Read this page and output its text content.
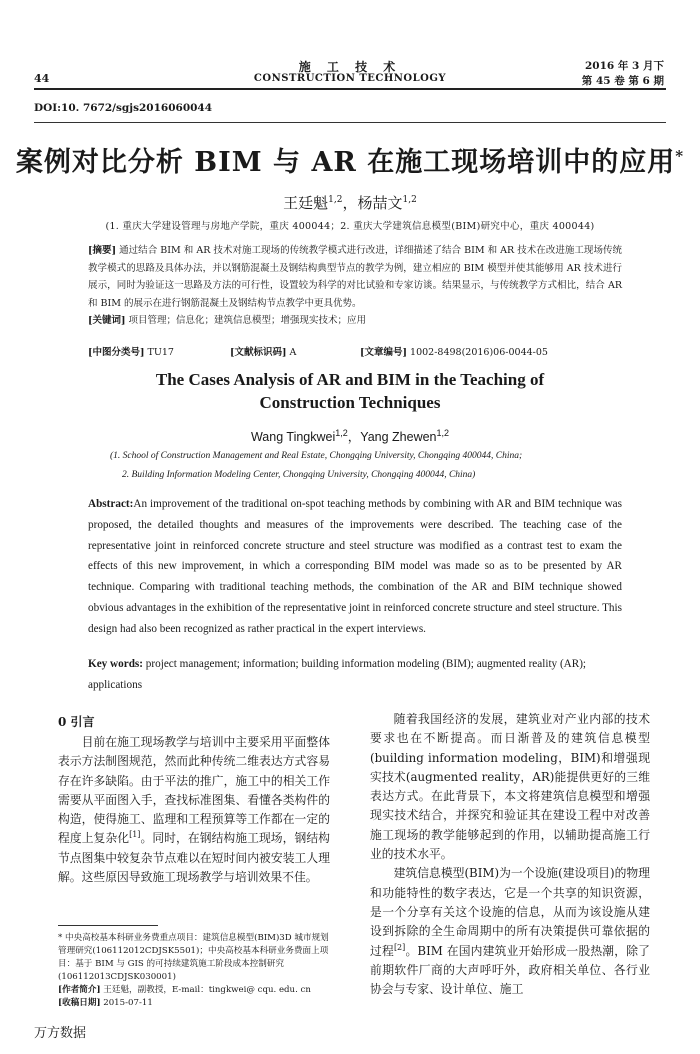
施 工 技 术
CONSTRUCTION TECHNOLOGY
44
2016 年 3 月下
第 45 卷 第 6 期
DOI:10. 7672/sgjs2016060044
案例对比分析 BIM 与 AR 在施工现场培训中的应用*
王廷魁$^{1,2}$，杨喆文$^{1,2}$
(1. 重庆大学建设管理与房地产学院，重庆 400044；2. 重庆大学建筑信息模型(BIM)研究中心，重庆 400044)
[摘要] 通过结合 BIM 和 AR 技术对施工现场的传统教学模式进行改进，详细描述了结合 BIM 和 AR 技术在改进施工现场传统教学模式的思路及具体办法，并以钢筋混凝土及钢结构典型节点的教学为例，建立相应的 BIM 模型并使其能够用 AR 技术进行展示，同时为验证这一思路及方法的可行性，设置较为科学的对比试验和专家访谈。结果显示，与传统教学方式相比，结合 AR 和 BIM 的展示在进行钢筋混凝土及钢结构节点教学中更具优势。
[关键词] 项目管理；信息化；建筑信息模型；增强现实技术；应用
[中图分类号] TU17	[文献标识码] A	[文章编号] 1002-8498(2016)06-0044-05
The Cases Analysis of AR and BIM in the Teaching of
Construction Techniques
Wang Tingkwei$^{1,2}$，Yang Zhewen$^{1,2}$
(1. School of Construction Management and Real Estate, Chongqing University, Chongqing 400044, China;
2. Building Information Modeling Center, Chongqing University, Chongqing 400044, China)
Abstract:An improvement of the traditional on-spot teaching methods by combining with AR and BIM technique was proposed, the detailed thoughts and measures of the improvements were described. The teaching case of the representative joint in reinforced concrete structure and steel structure was modified as a contrast test to exam the effects of this new improvement, in which a corresponding BIM model was made so as to be presented by AR technique. Comparing with traditional teaching methods, the combination of the AR and BIM technique showed obvious advantages in the exhibition of the representative joint in reinforced concrete structure and steel structure. This design had also been recognized as rather practical in the expert interviews.
Key words: project management; information; building information modeling (BIM); augmented reality (AR); applications
0 引言

目前在施工现场教学与培训中主要采用平面整体表示方法制图规范，然而此种传统二维表达方式容易存在许多缺陷。由于平法的推广，施工中的相关工作需要从平面图入手，查找标准图集、看懂各类构件的构造，使得施工、监理和工程预算等工作都在一定的程度上复杂化[1]。同时，在钢结构施工现场，钢结构节点图集中较复杂节点难以在短时间内被安装工人理解。这些原因导致施工现场教学与培训效果不佳。

随着我国经济的发展，建筑业对产业内部的技术要求也在不断提高。而日渐普及的建筑信息模型(building information modeling，BIM)和增强现实技术(augmented reality，AR)能提供更好的三维表达方式。在此背景下，本文将建筑信息模型和增强现实技术结合，并探究和验证其在建设工程中对改善施工现场的教学能够起到的作用，以辅助提高施工行业的技术水平。

建筑信息模型(BIM)为一个设施(建设项目)的物理和功能特性的数字表达，它是一个共享的知识资源，是一个分享有关这个设施的信息，从而为该设施从建设到拆除的全生命周期中的所有决策提供可靠依据的过程[2]。BIM 在国内建筑业开始形成一股热潮，除了前期软件厂商的大声呼吁外，政府相关单位、各行业协会与专家、设计单位、施工

* 中央高校基本科研业务费重点项目：建筑信息模型(BIM)3D 城市规划管理研究(106112012CDJSK5501)；中央高校基本科研业务费面上项目：基于 BIM 与 GIS 的可持续建筑施工阶段成本控制研究(106112013CDJSK030001)

[作者简介] 王廷魁，副教授，E-mail：tingkwei@ cqu. edu. cn

[收稿日期] 2015-07-11

万方数据
